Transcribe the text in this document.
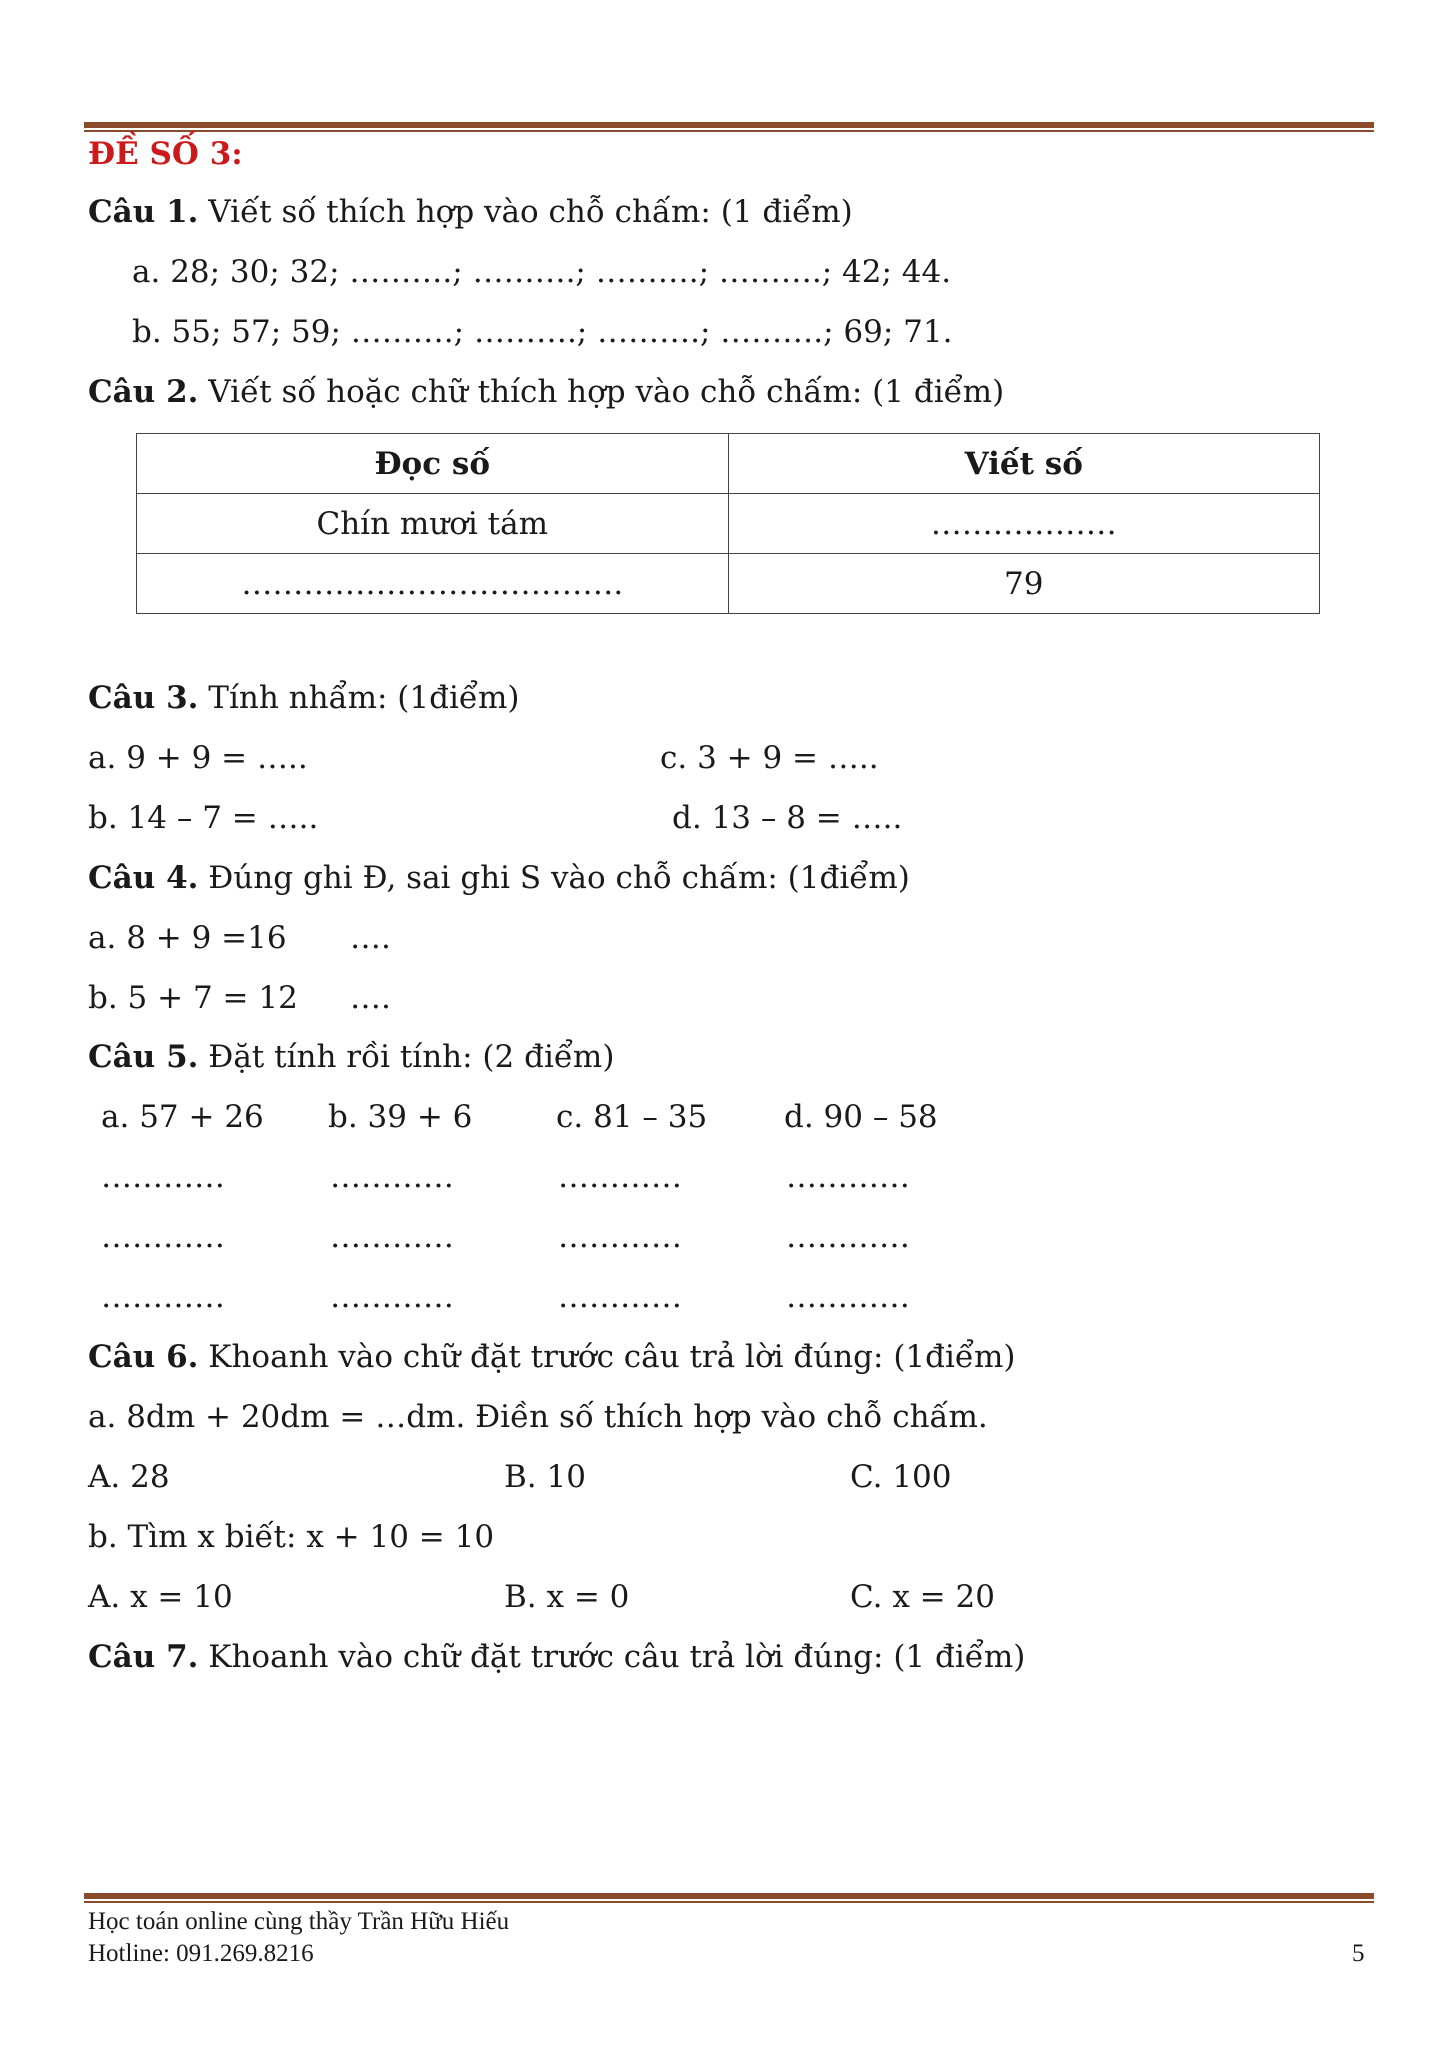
ĐỀ SỐ 3:
Câu 1. Viết số thích hợp vào chỗ chấm: (1 điểm)
a. 28; 30; 32; ……….; ……….; ……….; ……….; 42; 44.
b. 55; 57; 59; ……….; ……….; ……….; ……….; 69; 71.
Câu 2. Viết số hoặc chữ thích hợp vào chỗ chấm: (1 điểm)
Đọc số	Viết số
Chín mươi tám	………………
……………………………….	79
Câu 3. Tính nhẩm: (1điểm)
a. 9 + 9 = …..	c. 3 + 9 = …..
b. 14 – 7 = …..	d. 13 – 8 = …..
Câu 4. Đúng ghi Đ, sai ghi S vào chỗ chấm: (1điểm)
a. 8 + 9 =16 ….
b. 5 + 7 = 12 ….
Câu 5. Đặt tính rồi tính: (2 điểm)
a. 57 + 26 b. 39 + 6	c. 81 – 35 d. 90 – 58
…………	…………	…………	…………
…………	…………	…………	…………
…………	…………	…………	…………
Câu 6. Khoanh vào chữ đặt trước câu trả lời đúng: (1điểm)
a. 8dm + 20dm = …dm. Điền số thích hợp vào chỗ chấm.
A. 28	B. 10	C. 100
b. Tìm x biết: x + 10 = 10
A. x = 10	B. x = 0	C. x = 20
Câu 7. Khoanh vào chữ đặt trước câu trả lời đúng: (1 điểm)
Học toán online cùng thầy Trần Hữu Hiếu
Hotline: 091.269.8216	5
